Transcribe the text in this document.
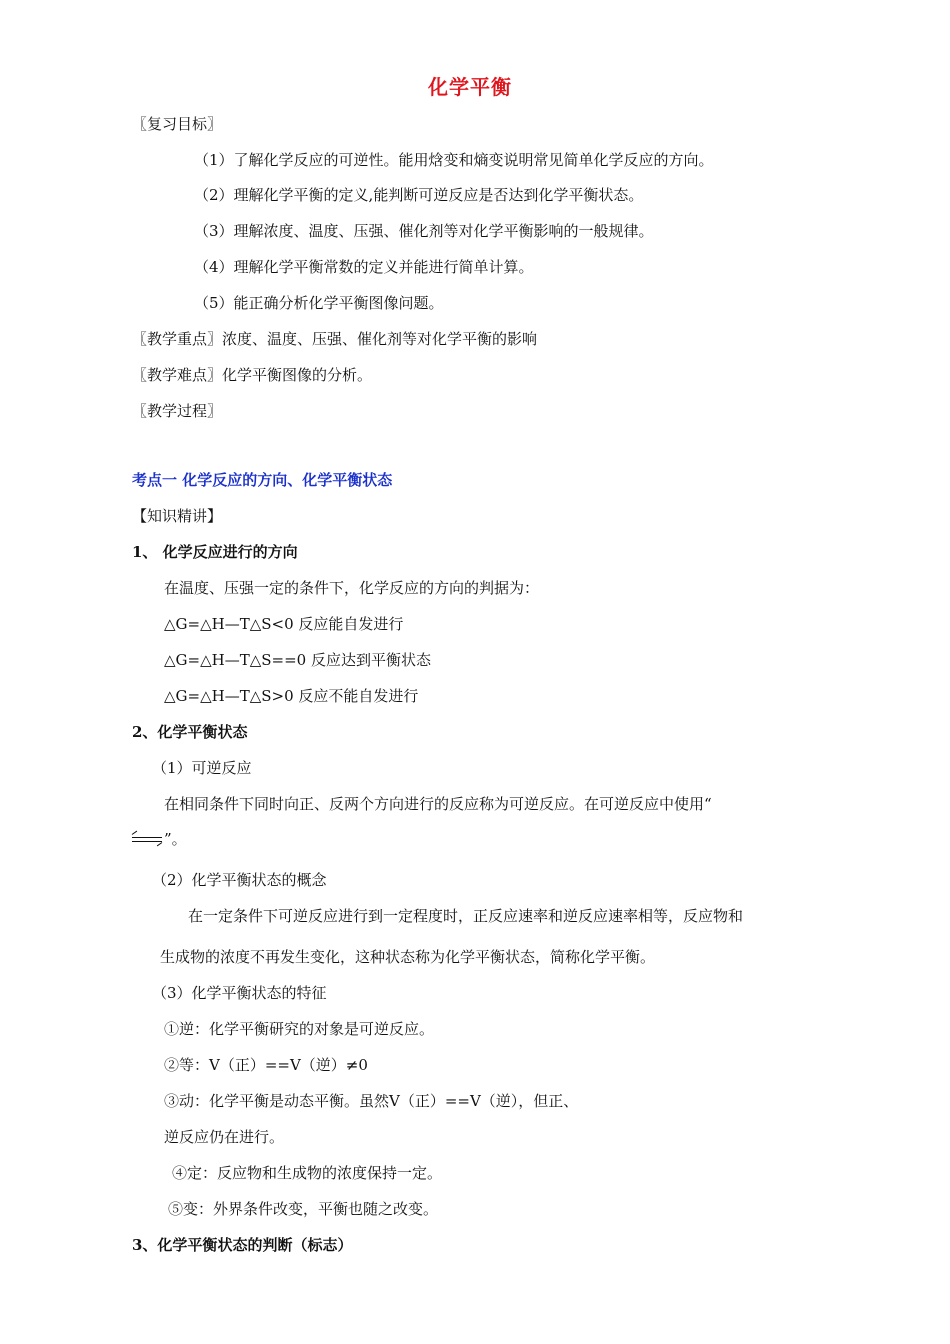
化学平衡
〖复习目标〗
（1）了解化学反应的可逆性。能用焓变和熵变说明常见简单化学反应的方向。
（2）理解化学平衡的定义,能判断可逆反应是否达到化学平衡状态。
（3）理解浓度、温度、压强、催化剂等对化学平衡影响的一般规律。
（4）理解化学平衡常数的定义并能进行简单计算。
（5）能正确分析化学平衡图像问题。
〖教学重点〗浓度、温度、压强、催化剂等对化学平衡的影响
〖教学难点〗化学平衡图像的分析。
〖教学过程〗
考点一 化学反应的方向、化学平衡状态
【知识精讲】
1、 化学反应进行的方向
在温度、压强一定的条件下，化学反应的方向的判据为：
△G=△H—T△S<0 反应能自发进行
△G=△H—T△S==0 反应达到平衡状态
△G=△H—T△S>0 反应不能自发进行
2、化学平衡状态
（1）可逆反应
在相同条件下同时向正、反两个方向进行的反应称为可逆反应。在可逆反应中使用“
⇌ ”。
（2）化学平衡状态的概念
在一定条件下可逆反应进行到一定程度时，正反应速率和逆反应速率相等，反应物和
生成物的浓度不再发生变化，这种状态称为化学平衡状态，简称化学平衡。
（3）化学平衡状态的特征
①逆：化学平衡研究的对象是可逆反应。
②等：V（正）==V（逆）≠0
③动：化学平衡是动态平衡。虽然V（正）==V（逆），但正、
逆反应仍在进行。
④定：反应物和生成物的浓度保持一定。
⑤变：外界条件改变，平衡也随之改变。
3、化学平衡状态的判断（标志）
